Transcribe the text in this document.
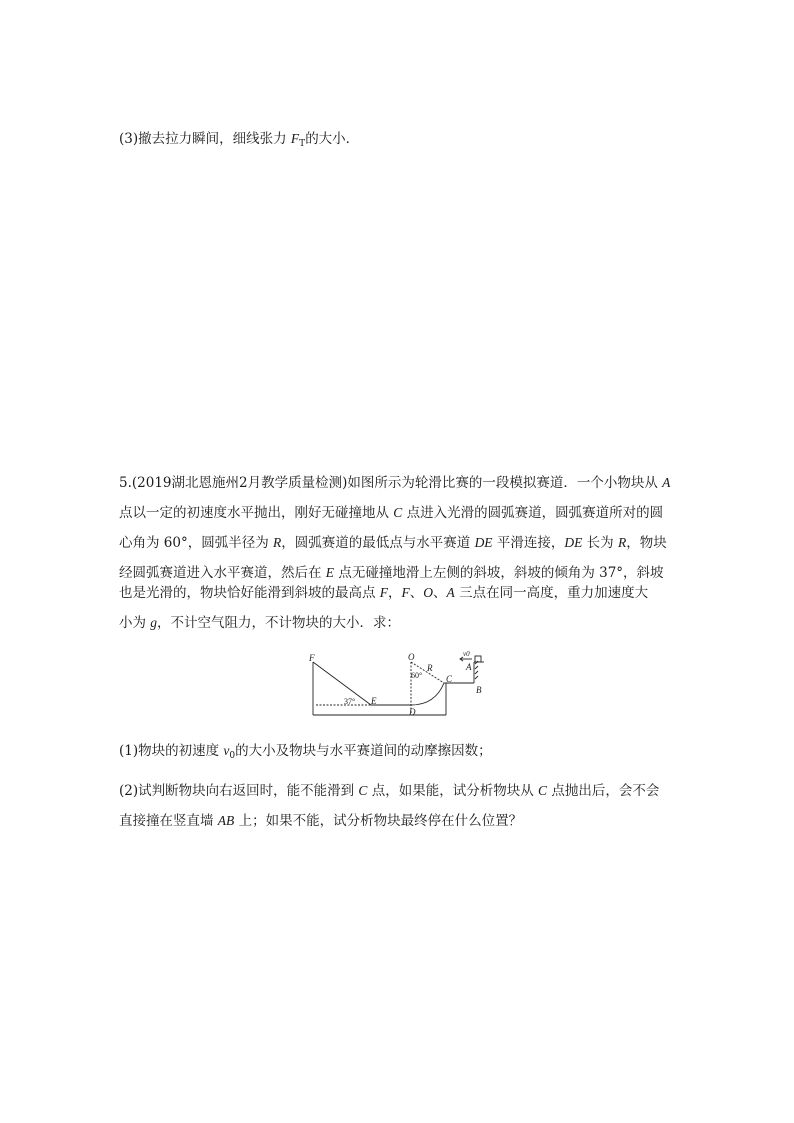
(3)撤去拉力瞬间，细线张力 $F_T$的大小．
5.(2019湖北恩施州2月教学质量检测)如图所示为轮滑比赛的一段模拟赛道．一个小物块从 A
点以一定的初速度水平抛出，刚好无碰撞地从 C 点进入光滑的圆弧赛道，圆弧赛道所对的圆
心角为 60°，圆弧半径为 R，圆弧赛道的最低点与水平赛道 DE 平滑连接，DE 长为 R，物块
经圆弧赛道进入水平赛道，然后在 E 点无碰撞地滑上左侧的斜坡，斜坡的倾角为 37°，斜坡
也是光滑的，物块恰好能滑到斜坡的最高点 F，F、O、A 三点在同一高度，重力加速度大
小为 g，不计空气阻力，不计物块的大小．求：
F	O
R
60°
v0
A
C
B
37° E
D
(1)物块的初速度 $v_0$的大小及物块与水平赛道间的动摩擦因数；
(2)试判断物块向右返回时，能不能滑到 C 点，如果能，试分析物块从 C 点抛出后，会不会
直接撞在竖直墙 AB 上；如果不能，试分析物块最终停在什么位置？
